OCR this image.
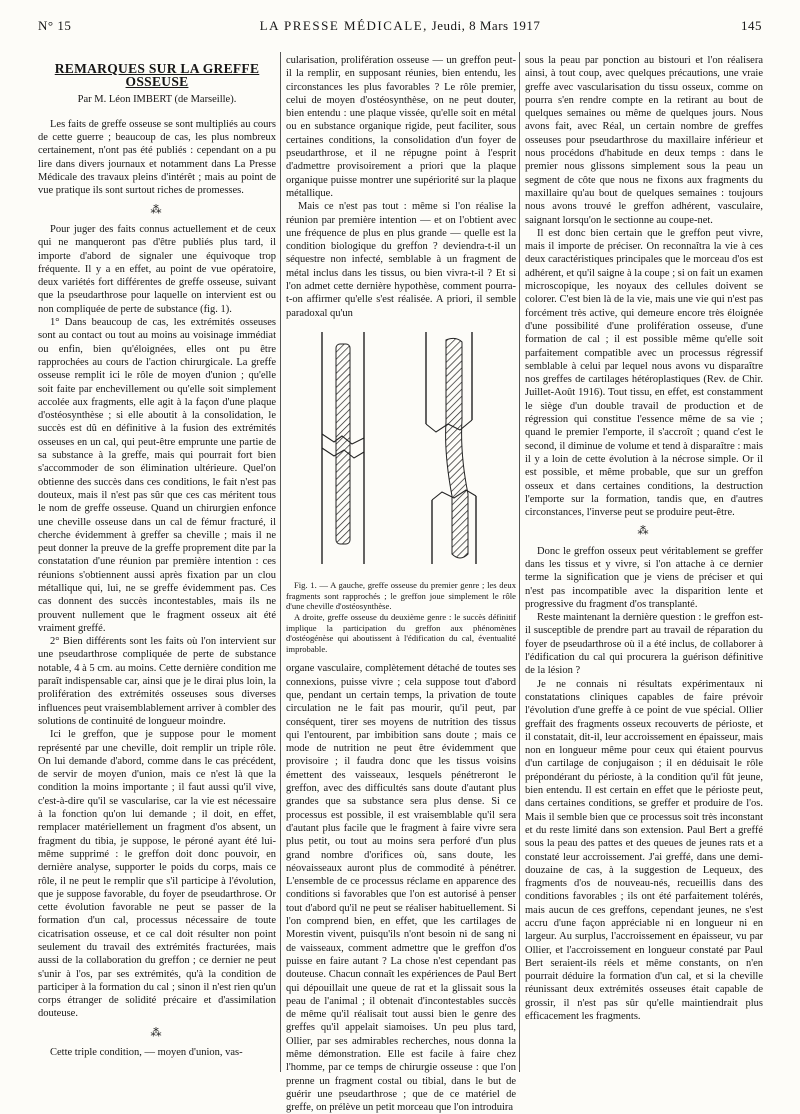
N° 15	LA PRESSE MÉDICALE, Jeudi, 8 Mars 1917	145
REMARQUES SUR LA GREFFE OSSEUSE
Par M. Léon IMBERT (de Marseille).

Les faits de greffe osseuse se sont multipliés au cours de cette guerre ; beaucoup de cas, les plus nombreux certainement, n'ont pas été publiés : cependant on a pu lire dans divers journaux et notamment dans La Presse Médicale des travaux pleins d'intérêt ; mais au point de vue pratique ils sont surtout riches de promesses.

⁂

Pour juger des faits connus actuellement et de ceux qui ne manqueront pas d'être publiés plus tard, il importe d'abord de signaler une équivoque trop fréquente. Il y a en effet, au point de vue opératoire, deux variétés fort différentes de greffe osseuse, suivant que la pseudarthrose pour laquelle on intervient est ou non compliquée de perte de substance (fig. 1).

1° Dans beaucoup de cas, les extrémités osseuses sont au contact ou tout au moins au voisinage immédiat ou enfin, bien qu'éloignées, elles ont pu être rapprochées au cours de l'action chirurgicale. La greffe osseuse remplit ici le rôle de moyen d'union ; qu'elle soit faite par enchevillement ou qu'elle soit simplement accolée aux fragments, elle agit à la façon d'une plaque d'ostéosynthèse ; si elle aboutit à la consolidation, le succès est dû en définitive à la fusion des extrémités osseuses en un cal, qui peut-être emprunte une partie de sa substance à la greffe, mais qui pourrait fort bien s'accommoder de son élimination ultérieure. Quel'on obtienne des succès dans ces conditions, le fait n'est pas douteux, mais il n'est pas sûr que ces cas méritent tous le nom de greffe osseuse. Quand un chirurgien enfonce une cheville osseuse dans un cal de fémur fracturé, il cherche évidemment à greffer sa cheville ; mais il ne peut donner la preuve de la greffe proprement dite par la constatation d'une réunion par première intention : ces réunions s'obtiennent aussi après fixation par un clou métallique qui, lui, ne se greffe évidemment pas. Ces cas donnent des succès incontestables, mais ils ne prouvent nullement que le fragment osseux ait été vraiment greffé.

2° Bien différents sont les faits où l'on intervient sur une pseudarthrose compliquée de perte de substance notable, 4 à 5 cm. au moins. Cette dernière condition me paraît indispensable car, ainsi que je le dirai plus loin, la prolifération des extrémités osseuses sous diverses influences peut vraisemblablement arriver à combler des solutions de continuité de longueur moindre.

Ici le greffon, que je suppose pour le moment représenté par une cheville, doit remplir un triple rôle. On lui demande d'abord, comme dans le cas précédent, de servir de moyen d'union, mais ce n'est là que la condition la moins importante ; il faut aussi qu'il vive, c'est-à-dire qu'il se vascularise, car la vie est nécessaire à la fonction qu'on lui demande ; il doit, en effet, remplacer matériellement un fragment d'os absent, un fragment du tibia, je suppose, le péroné ayant été lui-même supprimé : le greffon doit donc pouvoir, en dernière analyse, supporter le poids du corps, mais ce rôle, il ne peut le remplir que s'il participe à l'évolution, que je suppose favorable, du foyer de pseudarthrose. Or cette évolution favorable ne peut se passer de la formation d'un cal, processus nécessaire de toute cicatrisation osseuse, et ce cal doit résulter non point seulement du travail des extrémités fracturées, mais aussi de la collaboration du greffon ; ce dernier ne peut s'unir à l'os, par ses extrémités, qu'à la condition de participer à la formation du cal ; sinon il n'est rien qu'un corps étranger de solidité précaire et d'assimilation douteuse.

⁂

Cette triple condition, — moyen d'union, vas-

cularisation, prolifération osseuse — un greffon peut-il la remplir, en supposant réunies, bien entendu, les circonstances les plus favorables ? Le rôle premier, celui de moyen d'ostéosynthèse, on ne peut douter, bien entendu : une plaque vissée, qu'elle soit en métal ou en substance organique rigide, peut faciliter, sous certaines conditions, la consolidation d'un foyer de pseudarthrose, et il ne répugne point à l'esprit d'admettre provisoirement a priori que la plaque organique puisse montrer une supériorité sur la plaque métallique.

Mais ce n'est pas tout : même si l'on réalise la réunion par première intention — et on l'obtient avec une fréquence de plus en plus grande — quelle est la condition biologique du greffon ? deviendra-t-il un séquestre non infecté, semblable à un fragment de métal inclus dans les tissus, ou bien vivra-t-il ? Et si l'on admet cette dernière hypothèse, comment pourra-t-on affirmer qu'elle s'est réalisée. A priori, il semble paradoxal qu'un

Fig. 1. — A gauche, greffe osseuse du premier genre ; les deux fragments sont rapprochés ; le greffon joue simplement le rôle d'une cheville d'ostéosynthèse.

A droite, greffe osseuse du deuxième genre : le succès définitif implique la participation du greffon aux phénomènes d'ostéogénèse qui aboutissent à l'édification du cal, éventualité improbable.

organe vasculaire, complètement détaché de toutes ses connexions, puisse vivre ; cela suppose tout d'abord que, pendant un certain temps, la privation de toute circulation ne le fait pas mourir, qu'il peut, par conséquent, tirer ses moyens de nutrition des tissus qui l'entourent, par imbibition sans doute ; mais ce mode de nutrition ne peut être évidemment que provisoire ; il faudra donc que les tissus voisins émettent des vaisseaux, lesquels pénétreront le greffon, avec des difficultés sans doute d'autant plus grandes que sa substance sera plus dense. Si ce processus est possible, il est vraisemblable qu'il sera d'autant plus facile que le fragment à faire vivre sera plus petit, ou tout au moins sera perforé d'un plus grand nombre d'orifices où, sans doute, les néovaisseaux auront plus de commodité à pénétrer. L'ensemble de ce processus réclame en apparence des conditions si favorables que l'on est autorisé à penser tout d'abord qu'il ne peut se réaliser habituellement. Si l'on comprend bien, en effet, que les cartilages de Morestin vivent, puisqu'ils n'ont besoin ni de sang ni de vaisseaux, comment admettre que le greffon d'os puisse en faire autant ? La chose n'est cependant pas douteuse. Chacun connaît les expériences de Paul Bert qui dépouillait une queue de rat et la glissait sous la peau de l'animal ; il obtenait d'incontestables succès de même qu'il réalisait tout aussi bien le genre des greffes qu'il appelait siamoises. Un peu plus tard, Ollier, par ses admirables recherches, nous donna la même démonstration. Elle est facile à faire chez l'homme, par ce temps de chirurgie osseuse : que l'on prenne un fragment costal ou tibial, dans le but de guérir une pseudarthrose ; que de ce matériel de greffe, on prélève un petit morceau que l'on introduira

sous la peau par ponction au bistouri et l'on réalisera ainsi, à tout coup, avec quelques précautions, une vraie greffe avec vascularisation du tissu osseux, comme on pourra s'en rendre compte en la retirant au bout de quelques semaines ou même de quelques jours. Nous avons fait, avec Réal, un certain nombre de greffes osseuses pour pseudarthrose du maxillaire inférieur et nous procédons d'habitude en deux temps : dans le premier nous glissons simplement sous la peau un segment de côte que nous ne fixons aux fragments du maxillaire qu'au bout de quelques semaines : toujours nous avons trouvé le greffon adhérent, vasculaire, saignant lorsqu'on le sectionne au coupe-net.

Il est donc bien certain que le greffon peut vivre, mais il importe de préciser. On reconnaîtra la vie à ces deux caractéristiques principales que le morceau d'os est adhérent, et qu'il saigne à la coupe ; si on fait un examen microscopique, les noyaux des cellules doivent se colorer. C'est bien là de la vie, mais une vie qui n'est pas forcément très active, qui demeure encore très éloignée d'une possibilité d'une prolifération osseuse, d'une formation de cal ; il est possible même qu'elle soit parfaitement compatible avec un processus régressif semblable à celui par lequel nous avons vu disparaître nos greffes de cartilages hétéroplastiques (Rev. de Chir. Juillet-Août 1916). Tout tissu, en effet, est constamment le siège d'un double travail de production et de régression qui constitue l'essence même de sa vie ; quand le premier l'emporte, il s'accroît ; quand c'est le second, il diminue de volume et tend à disparaître : mais il y a loin de cette évolution à la nécrose simple. Or il est possible, et même probable, que sur un greffon osseux et dans certaines conditions, la destruction l'emporte sur la formation, tandis que, en d'autres circonstances, l'inverse peut se produire peut-être.

⁂

Donc le greffon osseux peut véritablement se greffer dans les tissus et y vivre, si l'on attache à ce dernier terme la signification que je viens de préciser et qui n'est pas incompatible avec la disparition lente et progressive du fragment d'os transplanté.

Reste maintenant la dernière question : le greffon est-il susceptible de prendre part au travail de réparation du foyer de pseudarthrose où il a été inclus, de collaborer à l'édification du cal qui procurera la guérison définitive de la lésion ?

Je ne connais ni résultats expérimentaux ni constatations cliniques capables de faire prévoir l'évolution d'une greffe à ce point de vue spécial. Ollier greffait des fragments osseux recouverts de périoste, et il constatait, dit-il, leur accroissement en épaisseur, mais non en longueur même pour ceux qui étaient pourvus d'un cartilage de conjugaison ; il en déduisait le rôle prépondérant du périoste, à la condition qu'il fût jeune, bien entendu. Il est certain en effet que le périoste peut, dans certaines conditions, se greffer et produire de l'os. Mais il semble bien que ce processus soit très inconstant et du reste limité dans son extension. Paul Bert a greffé sous la peau des pattes et des queues de jeunes rats et a constaté leur accroissement. J'ai greffé, dans une demi-douzaine de cas, à la suggestion de Lequeux, des fragments d'os de nouveau-nés, recueillis dans des conditions favorables ; ils ont été parfaitement tolérés, mais aucun de ces greffons, cependant jeunes, ne s'est accru d'une façon appréciable ni en longueur ni en largeur. Au surplus, l'accroissement en épaisseur, vu par Ollier, et l'accroissement en longueur constaté par Paul Bert seraient-ils réels et même constants, on n'en pourrait déduire la formation d'un cal, et si la cheville réunissant deux extrémités osseuses était capable de grossir, il n'est pas sûr qu'elle maintiendrait plus efficacement les fragments.
